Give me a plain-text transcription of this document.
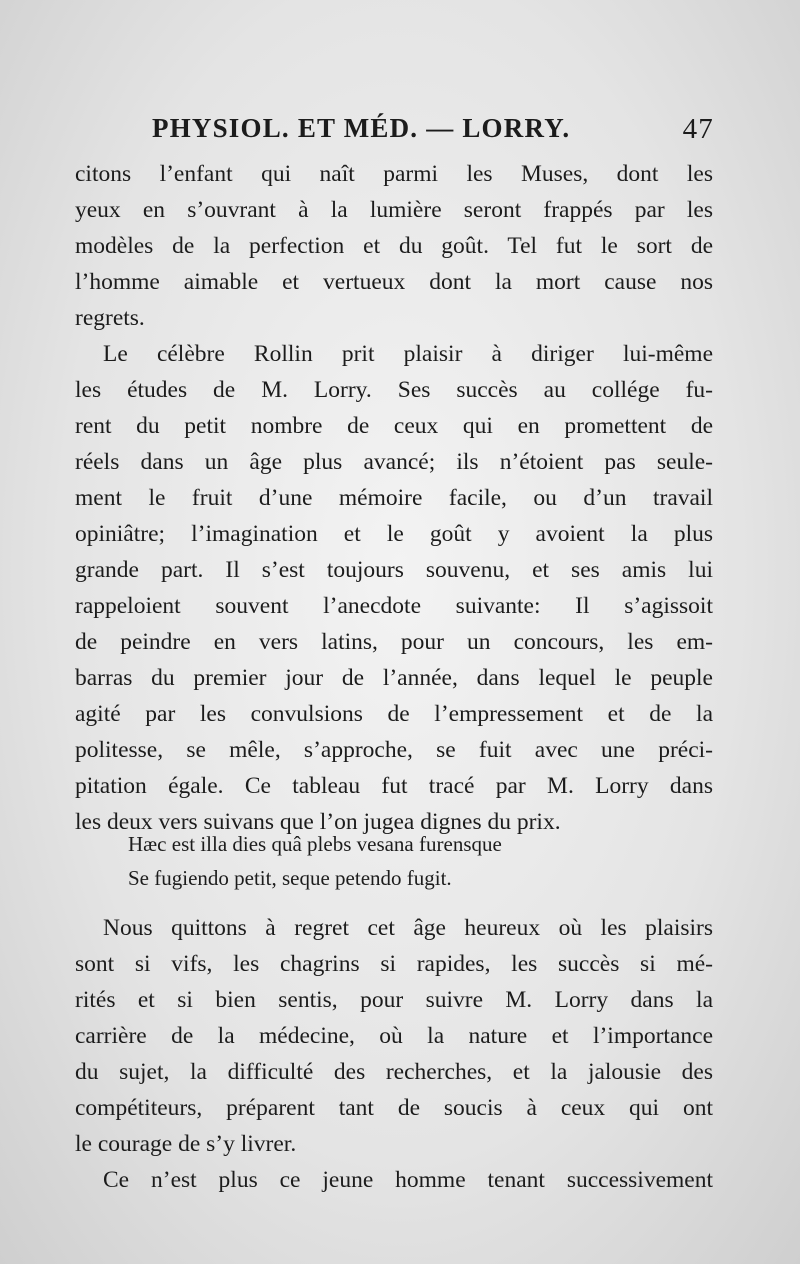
PHYSIOL. ET MÉD. — LORRY.	47
citons l’enfant qui naît parmi les Muses, dont les
yeux en s’ouvrant à la lumière seront frappés par les
modèles de la perfection et du goût. Tel fut le sort de
l’homme aimable et vertueux dont la mort cause nos
regrets.
Le célèbre Rollin prit plaisir à diriger lui-même
les études de M. Lorry. Ses succès au collége fu-
rent du petit nombre de ceux qui en promettent de
réels dans un âge plus avancé; ils n’étoient pas seule-
ment le fruit d’une mémoire facile, ou d’un travail
opiniâtre; l’imagination et le goût y avoient la plus
grande part. Il s’est toujours souvenu, et ses amis lui
rappeloient souvent l’anecdote suivante: Il s’agissoit
de peindre en vers latins, pour un concours, les em-
barras du premier jour de l’année, dans lequel le peuple
agité par les convulsions de l’empressement et de la
politesse, se mêle, s’approche, se fuit avec une préci-
pitation égale. Ce tableau fut tracé par M. Lorry dans
les deux vers suivans que l’on jugea dignes du prix.
Hæc est illa dies quâ plebs vesana furensque
Se fugiendo petit, seque petendo fugit.
Nous quittons à regret cet âge heureux où les plaisirs
sont si vifs, les chagrins si rapides, les succès si mé-
rités et si bien sentis, pour suivre M. Lorry dans la
carrière de la médecine, où la nature et l’importance
du sujet, la difficulté des recherches, et la jalousie des
compétiteurs, préparent tant de soucis à ceux qui ont
le courage de s’y livrer.
Ce n’est plus ce jeune homme tenant successivement
